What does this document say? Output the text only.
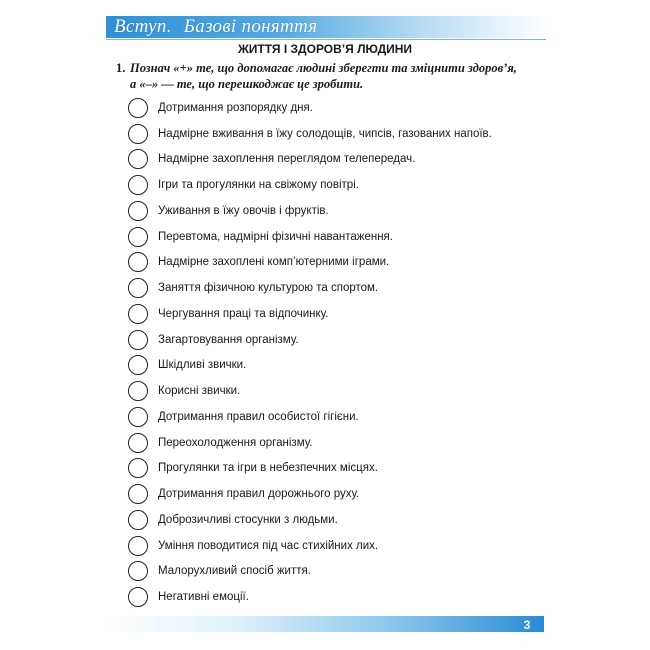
Вступ. Базові поняття
ЖИТТЯ І ЗДОРОВ’Я ЛЮДИНИ
1. Познач «+» те, що допомагає людині зберегти та зміцнити здоров’я,
а «–» — те, що перешкоджає це зробити.
Дотримання розпорядку дня.
Надмірне вживання в їжу солодощів, чипсів, газованих напоїв.
Надмірне захоплення переглядом телепередач.
Ігри та прогулянки на свіжому повітрі.
Уживання в їжу овочів і фруктів.
Перевтома, надмірні фізичні навантаження.
Надмірне захоплені комп’ютерними іграми.
Заняття фізичною культурою та спортом.
Чергування праці та відпочинку.
Загартовування організму.
Шкідливі звички.
Корисні звички.
Дотримання правил особистої гігієни.
Переохолодження організму.
Прогулянки та ігри в небезпечних місцях.
Дотримання правил дорожнього руху.
Доброзичливі стосунки з людьми.
Уміння поводитися під час стихійних лих.
Малорухливий спосіб життя.
Негативні емоції.
3
